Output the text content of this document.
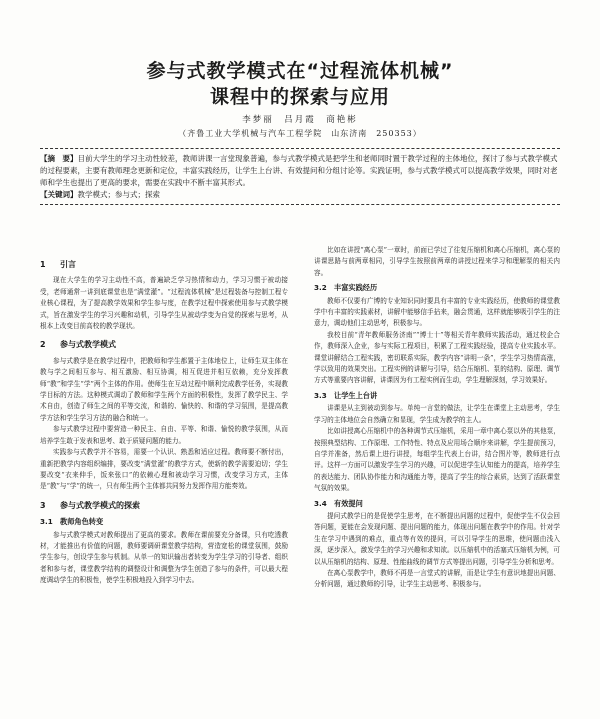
参与式教学模式在“过程流体机械”
课程中的探索与应用
李梦丽　吕月霞　商艳彬
（齐鲁工业大学机械与汽车工程学院　山东济南　250353）

【摘　要】目前大学生的学习主动性较差，教师讲课一言堂现象普遍，参与式教学模式是把学生和老师同时置于教学过程的主体地位，探讨了参与式教学模式的过程要素，主要有教师理念更新和定位，丰富实践经历，让学生上台讲、有效提问和分组讨论等。实践证明，参与式教学模式可以提高教学效果，同时对老师和学生也提出了更高的要求，需要在实践中不断丰富其形式。

【关键词】教学模式；参与式；探索

1 引言

现在大学生的学习主动性不高，普遍缺乏学习热情和动力，学习习惯于被动接受，老师通常一讲到底课堂也是“满堂灌”。“过程流体机械”是过程装备与控制工程专业核心课程，为了提高教学效果和学生参与度，在教学过程中探索使用参与式教学模式，旨在激发学生的学习兴趣和动机，引导学生从被动学变为自觉的探索与思考，从根本上改变目前高校的教学现状。

2 参与式教学模式

参与式教学是在教学过程中，把教师和学生都置于主体地位上，让师生双主体在教与学之间相互参与、相互激励、相互协调，相互促进并相互依赖，充分发挥教师“教”和学生“学”两个主体的作用。使师生在互动过程中顺利完成教学任务，实现教学目标的方法。这种模式调动了教师和学生两个方面的积极性，发挥了教学民主、学术自由，创造了师生之间的平等交流，和谐的、愉快的、和谐的学习氛围，是提高教学方法和学生学习方法的融合和统一。

参与式教学过程中要营造一种民主、自由、平等、和谐、愉悦的教学氛围，从而培养学生敢于发表和思考、敢于质疑问题的能力。

实践参与式教学并不容易，需要一个认识、熟悉和适应过程。教师要不断付出，重新把教学内容组织编排，要改变“满堂灌”的教学方式，使新的教学需要迫切；学生要改变“衣来伸手，饭来张口”的依赖心理和被动学习习惯，改变学习方式，主体是“教”与“学”的统一，只有师生两个主体都共同努力发挥作用方能奏效。

3 参与式教学模式的探索
3.1 教师角色转变

参与式教学模式对教师提出了更高的要求。教师在课前要充分备课，只有吃透教材，才能推出有价值的问题，教师要调研课堂教学结构，营造宽松的课堂氛围，鼓励学生参与，创设学生参与机制。从单一的知识输出者转变为学生学习的引导者、组织者和参与者，课堂教学结构的调整设计和调整为学生创造了参与的条件，可以最大程度调动学生的积极性，使学生积极地投入到学习中去。

比如在讲授“离心泵”一章时，前面已学过了往复压缩机和离心压缩机，离心泵的讲课思路与前两章相同，引导学生按照前两章的讲授过程来学习和理解泵的相关内容。

3.2 丰富实践经历

教师不仅要有广博的专业知识同时要具有丰富的专业实践经历，使教师的课堂教学中有丰富的实践素材，讲解中能够信手拈来，融会贯通，这样就能够吸引学生的注意力，调动他们主动思考，积极参与。

我校目前“青年教师服务济南”“博士十”等相关青年教师实践活动，通过校企合作，教师深入企业，参与实际工程项目，积累了工程实践经验，提高专业实践水平。课堂讲解结合工程实践，密切联系实际，教学内容“讲明一条”，学生学习热情高涨，学以致用的效果突出。工程实例的讲解与引导，结合压缩机、泵的结构、原理、调节方式等重要内容讲解，讲课因为有工程实例而生动，学生理解深刻，学习效果好。

3.3 让学生上台讲

讲课是从主到被动到参与。单纯一言堂的做法，让学生在课堂上主动思考，学生学习的主体地位会自然确立和显现，学生成为教学的主人。

比如讲授离心压缩机中的各种调节式压缩机，采用一章中离心泵以外的其他泵，按照典型结构、工作原理、工作特性、特点及应用场合顺序来讲解，学生提前预习，自学并准备，然后课上进行讲授，每组学生代表上台讲，结合图片等，教师进行点评。这样一方面可以激发学生学习的兴趣，可以促进学生认知能力的提高，培养学生的表达能力、团队协作能力和沟通能力等，提高了学生的综合素质，达到了活跃课堂气氛的效果。

3.4 有效提问

提问式教学日的是促使学生思考，在不断提出问题的过程中，促使学生不仅会回答问题，更能在会发现问题、提出问题的能力，体现出问题在教学中的作用。针对学生在学习中遇到的难点，重点等有效的提问，可以引导学生的思维，使问题由浅入深，逐步深入，激发学生的学习兴趣和求知欲。以压缩机中的活塞式压缩机为例，可以从压缩机的结构、原理、性能曲线的调节方式等提出问题，引导学生分析和思考。

在离心泵教学中，教师不再是一言堂式的讲解，而是让学生有意识地提出问题、分析问题，通过教师的引导，让学生主动思考、积极参与。
